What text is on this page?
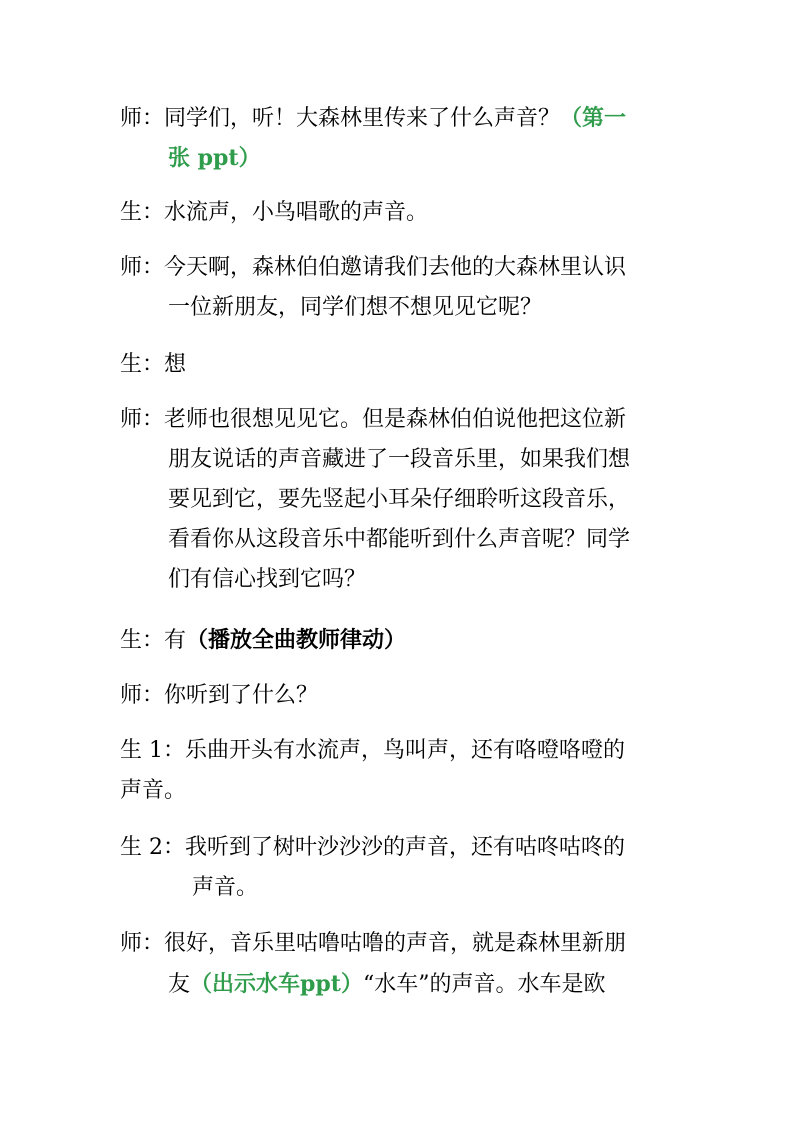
师：同学们，听！大森林里传来了什么声音？（第一
张 ppt）
生：水流声，小鸟唱歌的声音。
师：今天啊，森林伯伯邀请我们去他的大森林里认识
一位新朋友，同学们想不想见见它呢？
生：想
师：老师也很想见见它。但是森林伯伯说他把这位新
朋友说话的声音藏进了一段音乐里，如果我们想
要见到它，要先竖起小耳朵仔细聆听这段音乐，
看看你从这段音乐中都能听到什么声音呢？同学
们有信心找到它吗？
生：有（播放全曲教师律动）
师：你听到了什么？
生 1：乐曲开头有水流声，鸟叫声，还有咯噔咯噔的
声音。
生 2：我听到了树叶沙沙沙的声音，还有咕咚咕咚的
声音。
师：很好，音乐里咕噜咕噜的声音，就是森林里新朋
友（出示水车ppt）“水车”的声音。水车是欧
